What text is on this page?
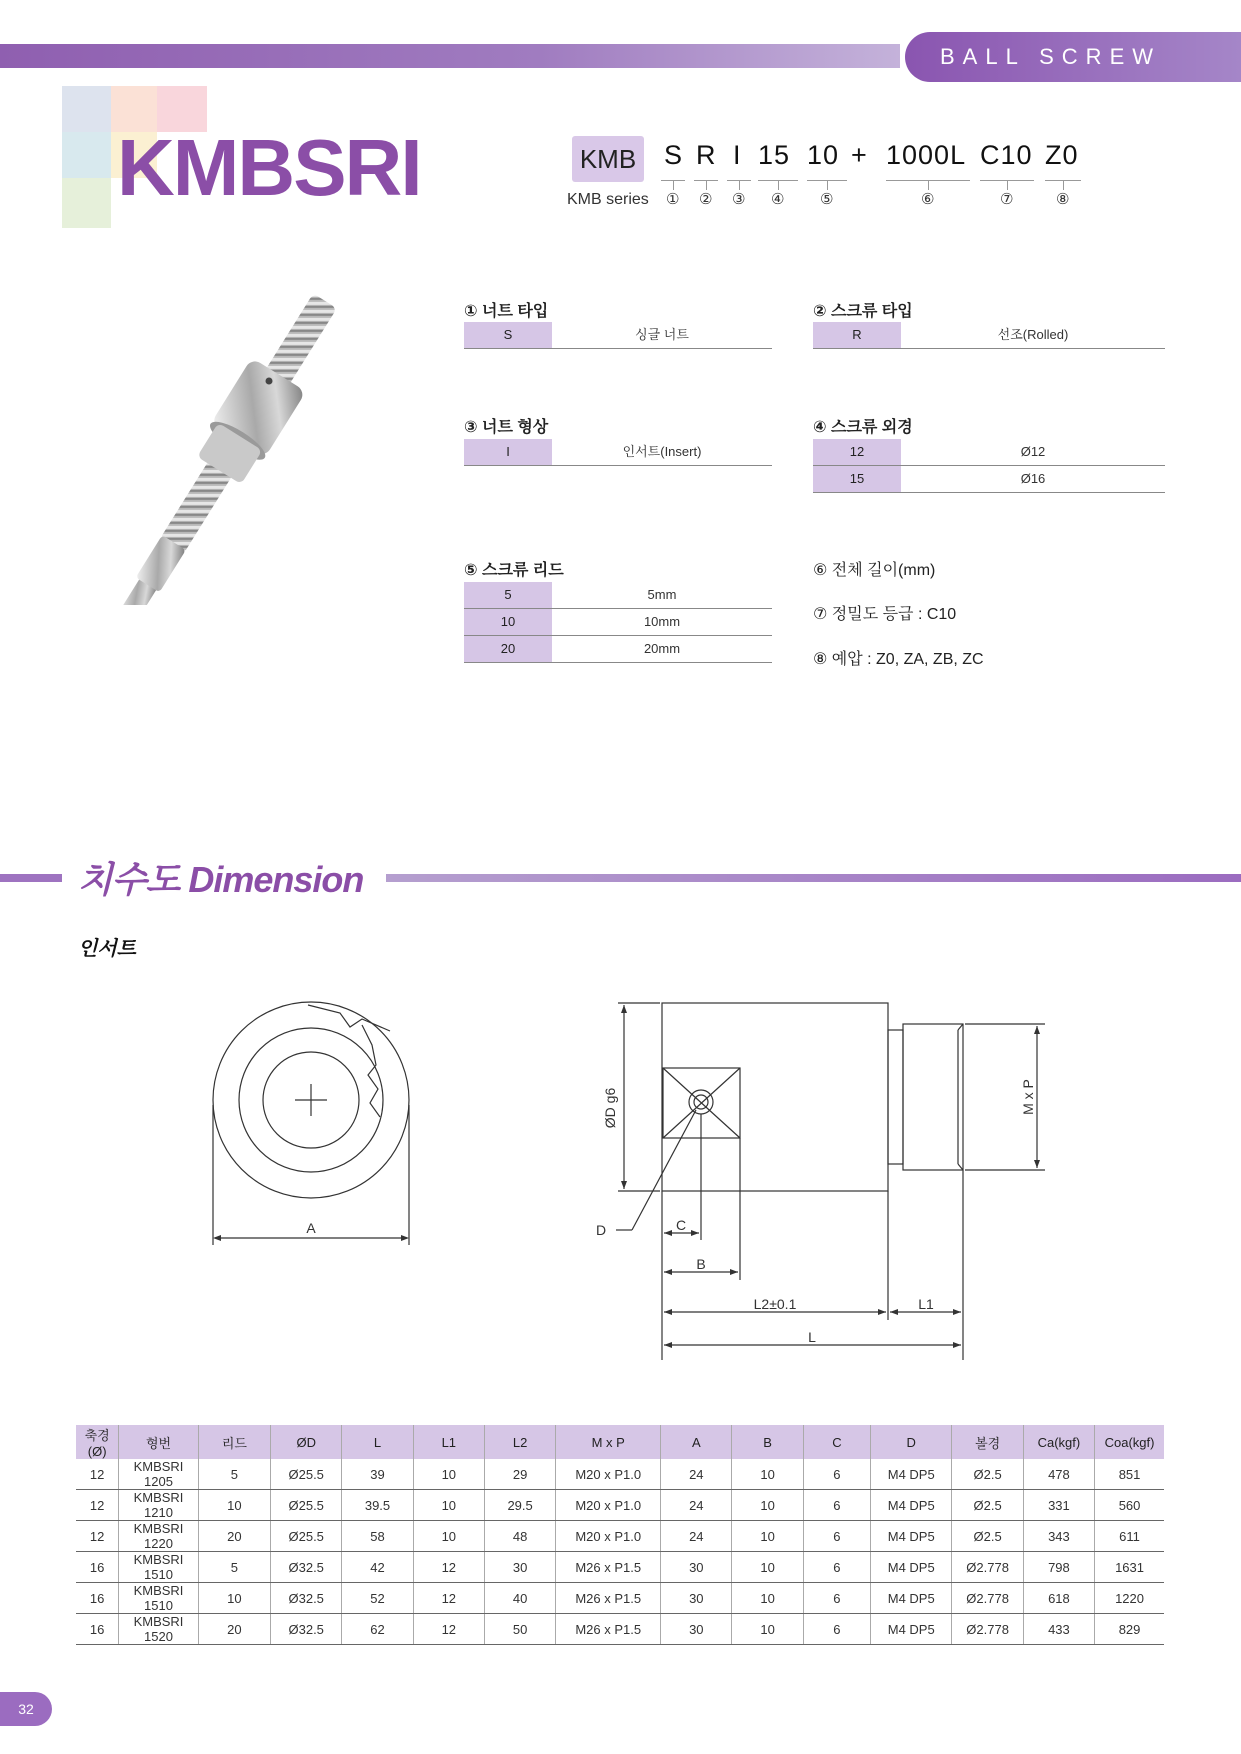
BALL SCREW
KMBSRI	KMB
KMB series
S R I 15 10 + 1000L C10 Z0
① ② ③ ④ ⑤	⑥	⑦	⑧
① 너트 타입
S	싱글 너트
② 스크류 타입
R	선조(Rolled)
③ 너트 형상
I	인서트(Insert)
④ 스크류 외경
12	Ø12
15	Ø16
⑤ 스크류 리드
5	5mm
10	10mm
20	20mm
⑥ 전체 길이(mm)
⑦ 정밀도 등급 : C10
⑧ 예압 : Z0, ZA, ZB, ZC
치수도 Dimension
인서트
A
ØD g6	M x P
D	C
B
L2±0.1	L1
L
축경(Ø)	형번	리드	ØD	L	L1	L2	M x P	A	B	C	D	볼경	Ca(kgf)	Coa(kgf)
12	KMBSRI 1205	5	Ø25.5	39	10	29	M20 x P1.0	24	10	6	M4 DP5	Ø2.5	478	851
12	KMBSRI 1210	10	Ø25.5	39.5	10	29.5	M20 x P1.0	24	10	6	M4 DP5	Ø2.5	331	560
12	KMBSRI 1220	20	Ø25.5	58	10	48	M20 x P1.0	24	10	6	M4 DP5	Ø2.5	343	611
16	KMBSRI 1510	5	Ø32.5	42	12	30	M26 x P1.5	30	10	6	M4 DP5	Ø2.778	798	1631
16	KMBSRI 1510	10	Ø32.5	52	12	40	M26 x P1.5	30	10	6	M4 DP5	Ø2.778	618	1220
16	KMBSRI 1520	20	Ø32.5	62	12	50	M26 x P1.5	30	10	6	M4 DP5	Ø2.778	433	829
32
